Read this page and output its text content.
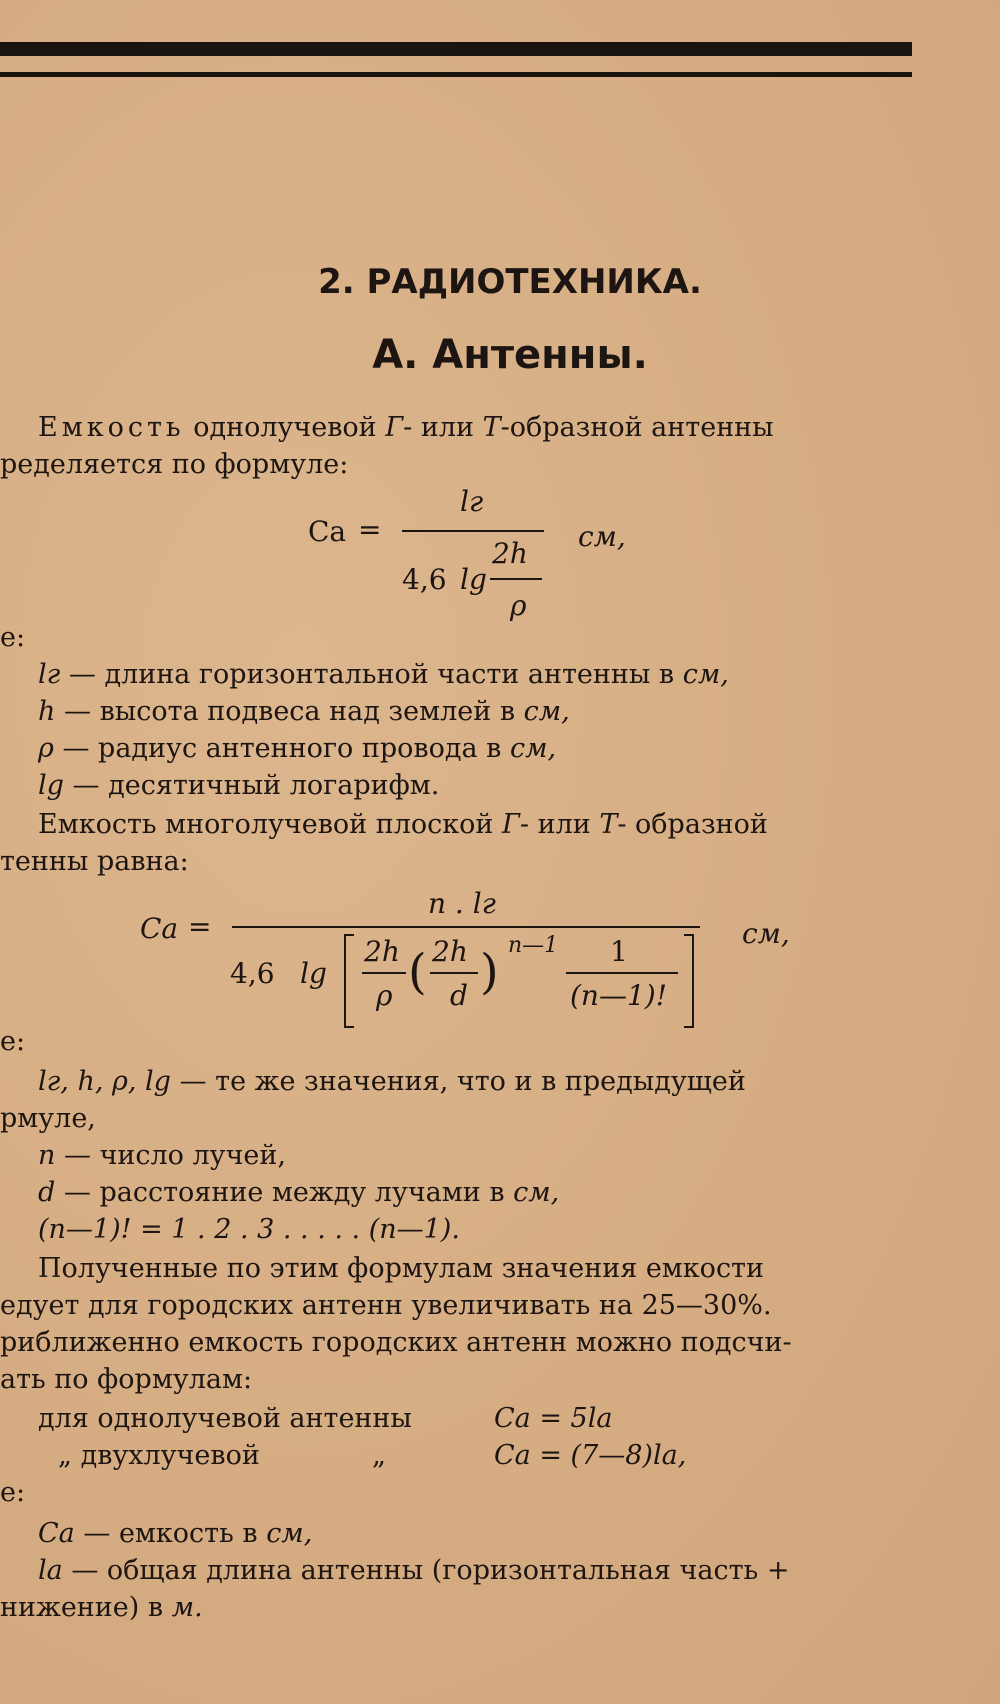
2. РАДИОТЕХНИКА.
А. Антенны.
Емкость однолучевой Г- или Т-образной антенны
ределяется по формуле:
Са =
lг
2h
4,6 lg
ρ
см,
е:
lг — длина горизонтальной части антенны в см,
h — высота подвеса над землей в см,
ρ — радиус антенного провода в см,
lg — десятичный логарифм.
Емкость многолучевой плоской Г- или Т- образной
тенны равна:
Са =
n . lг
4,6 lg
2h
ρ ( 2h
d ) n—1 1
(n—1)!
см,
е:
lг, h, ρ, lg — те же значения, что и в предыдущей
рмуле,
n — число лучей,
d — расстояние между лучами в см,
(n—1)! = 1 . 2 . 3 . . . . . (n—1).
Полученные по этим формулам значения емкости
едует для городских антенн увеличивать на 25—30%.
риближенно емкость городских антенн можно подсчи-
ать по формулам:
для однолучевой антенны	Са = 5lа
„ двухлучевой	„	Са = (7—8)lа,
е:
Са — емкость в см,
lа — общая длина антенны (горизонтальная часть +
нижение) в м.
